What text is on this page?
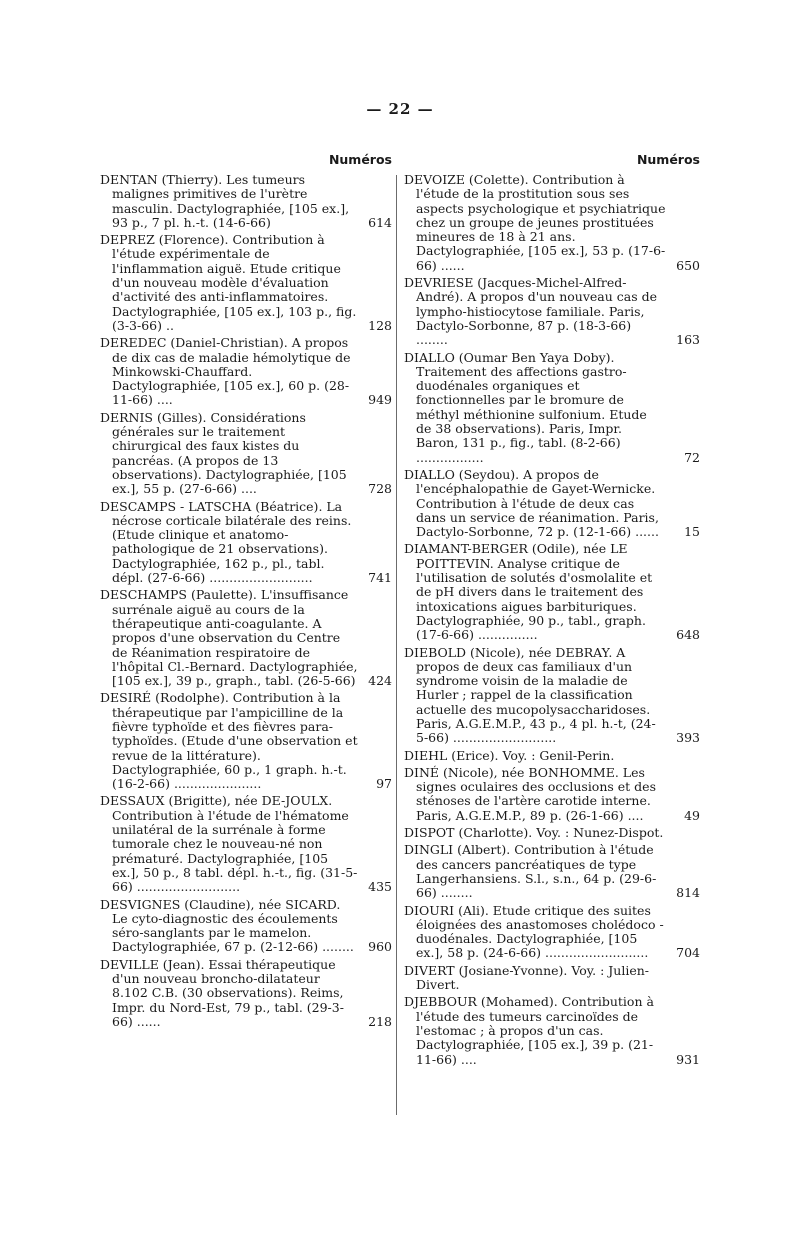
— 22 —
Numéros
DENTAN (Thierry). Les tumeurs malignes primitives de l'urètre masculin. Dactylographiée, [105 ex.], 93 p., 7 pl. h.-t. (14-6-66)	614
DEPREZ (Florence). Contribution à l'étude expérimentale de l'inflammation aiguë. Etude critique d'un nouveau modèle d'évaluation d'activité des anti-inflammatoires. Dactylographiée, [105 ex.], 103 p., fig. (3-3-66) ..	128
DEREDEC (Daniel-Christian). A propos de dix cas de maladie hémolytique de Minkowski-Chauffard. Dactylographiée, [105 ex.], 60 p. (28-11-66) ....	949
DERNIS (Gilles). Considérations générales sur le traitement chirurgical des faux kistes du pancréas. (A propos de 13 observations). Dactylographiée, [105 ex.], 55 p. (27-6-66) ....	728
DESCAMPS - LATSCHA (Béatrice). La nécrose corticale bilatérale des reins. (Etude clinique et anatomo-pathologique de 21 observations). Dactylographiée, 162 p., pl., tabl. dépl. (27-6-66) ..........................	741
DESCHAMPS (Paulette). L'insuffisance surrénale aiguë au cours de la thérapeutique anti-coagulante. A propos d'une observation du Centre de Réanimation respiratoire de l'hôpital Cl.-Bernard. Dactylographiée, [105 ex.], 39 p., graph., tabl. (26-5-66)	424
DESIRÉ (Rodolphe). Contribution à la thérapeutique par l'ampicilline de la fièvre typhoïde et des fièvres para-typhoïdes. (Etude d'une observation et revue de la littérature). Dactylographiée, 60 p., 1 graph. h.-t. (16-2-66) ......................	97
DESSAUX (Brigitte), née DE-JOULX. Contribution à l'étude de l'hématome unilatéral de la surrénale à forme tumorale chez le nouveau-né non prématuré. Dactylographiée, [105 ex.], 50 p., 8 tabl. dépl. h.-t., fig. (31-5-66) ..........................	435
DESVIGNES (Claudine), née SICARD. Le cyto-diagnostic des écoulements séro-sanglants par le mamelon. Dactylographiée, 67 p. (2-12-66) ........	960
DEVILLE (Jean). Essai thérapeutique d'un nouveau broncho-dilatateur 8.102 C.B. (30 observations). Reims, Impr. du Nord-Est, 79 p., tabl. (29-3-66) ......	218
Numéros
DEVOIZE (Colette). Contribution à l'étude de la prostitution sous ses aspects psychologique et psychiatrique chez un groupe de jeunes prostituées mineures de 18 à 21 ans. Dactylographiée, [105 ex.], 53 p. (17-6-66) ......	650
DEVRIESE (Jacques-Michel-Alfred-André). A propos d'un nouveau cas de lympho-histiocytose familiale. Paris, Dactylo-Sorbonne, 87 p. (18-3-66) ........	163
DIALLO (Oumar Ben Yaya Doby). Traitement des affections gastro-duodénales organiques et fonctionnelles par le bromure de méthyl méthionine sulfonium. Etude de 38 observations). Paris, Impr. Baron, 131 p., fig., tabl. (8-2-66) .................	72
DIALLO (Seydou). A propos de l'encéphalopathie de Gayet-Wernicke. Contribution à l'étude de deux cas dans un service de réanimation. Paris, Dactylo-Sorbonne, 72 p. (12-1-66) ......	15
DIAMANT-BERGER (Odile), née LE POITTEVIN. Analyse critique de l'utilisation de solutés d'osmolalite et de pH divers dans le traitement des intoxications aigues barbituriques. Dactylographiée, 90 p., tabl., graph. (17-6-66) ...............	648
DIEBOLD (Nicole), née DEBRAY. A propos de deux cas familiaux d'un syndrome voisin de la maladie de Hurler ; rappel de la classification actuelle des mucopolysaccharidoses. Paris, A.G.E.M.P., 43 p., 4 pl. h.-t, (24-5-66) ..........................	393
DIEHL (Erice). Voy. : Genil-Perin.
DINÉ (Nicole), née BONHOMME. Les signes oculaires des occlusions et des sténoses de l'artère carotide interne. Paris, A.G.E.M.P., 89 p. (26-1-66) ....	49
DISPOT (Charlotte). Voy. : Nunez-Dispot.
DINGLI (Albert). Contribution à l'étude des cancers pancréatiques de type Langerhansiens. S.l., s.n., 64 p. (29-6-66) ........	814
DIOURI (Ali). Etude critique des suites éloignées des anastomoses cholédoco - duodénales. Dactylographiée, [105 ex.], 58 p. (24-6-66) ..........................	704
DIVERT (Josiane-Yvonne). Voy. : Julien-Divert.
DJEBBOUR (Mohamed). Contribution à l'étude des tumeurs carcinoïdes de l'estomac ; à propos d'un cas. Dactylographiée, [105 ex.], 39 p. (21-11-66) ....	931
